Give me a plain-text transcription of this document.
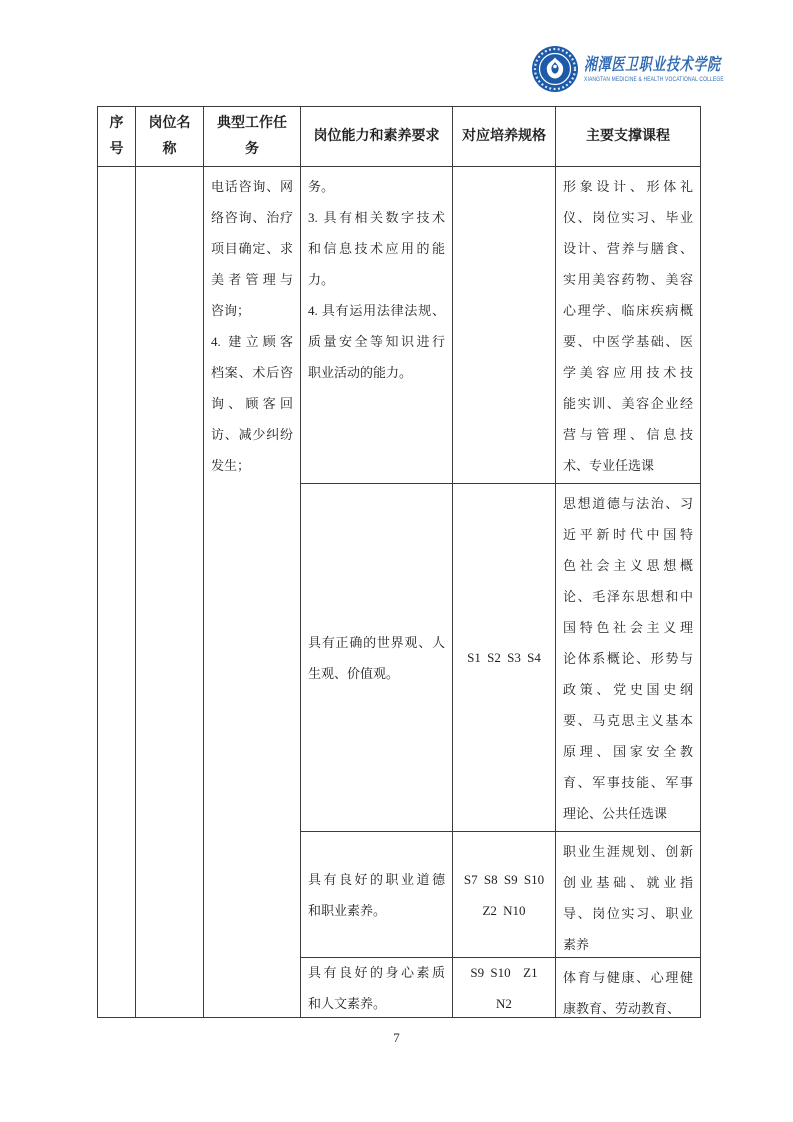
湘潭医卫职业技术学院
XIANGTAN MEDICINE & HEALTH VOCATIONAL COLLEGE
序
号
岗位名
称
典型工作任
务
岗位能力和素养要求	对应培养规格	主要支撑课程
电话咨询、网
络咨询、治疗
项目确定、求
美者管理与
咨询；
4. 建立顾客
档案、术后咨
询、顾客回
访、减少纠纷
发生；
务。
3. 具有相关数字技术
和信息技术应用的能
力。
4. 具有运用法律法规、
质量安全等知识进行
职业活动的能力。
形象设计、形体礼
仪、岗位实习、毕业
设计、营养与膳食、
实用美容药物、美容
心理学、临床疾病概
要、中医学基础、医
学美容应用技术技
能实训、美容企业经
营与管理、信息技
术、专业任选课
具有正确的世界观、人
生观、价值观。
S1 S2 S3 S4
思想道德与法治、习
近平新时代中国特
色社会主义思想概
论、毛泽东思想和中
国特色社会主义理
论体系概论、形势与
政策、党史国史纲
要、马克思主义基本
原理、国家安全教
育、军事技能、军事
理论、公共任选课
具有良好的职业道德
和职业素养。
S7 S8 S9 S10
Z2 N10
职业生涯规划、创新
创业基础、就业指
导、岗位实习、职业
素养
具有良好的身心素质
和人文素养。
S9 S10  Z1 N2
体育与健康、心理健
康教育、劳动教育、
7
